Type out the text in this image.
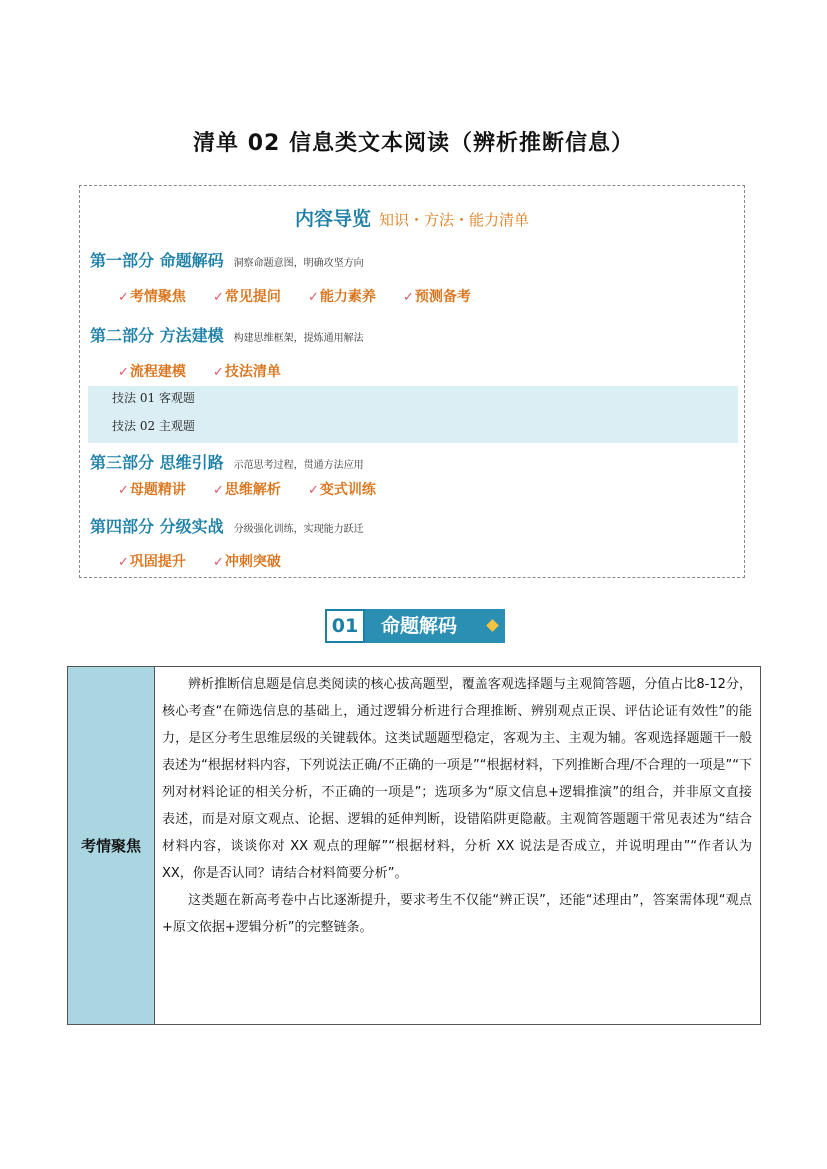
清单 02 信息类文本阅读（辨析推断信息）
内容导览 知识・方法・能力清单
第一部分 命题解码 洞察命题意图，明确攻坚方向
✓考情聚焦 ✓常见提问 ✓能力素养 ✓预测备考
第二部分 方法建模 构建思维框架，提炼通用解法
✓流程建模 ✓技法清单
技法 01 客观题
技法 02 主观题
第三部分 思维引路 示范思考过程，贯通方法应用
✓母题精讲 ✓思维解析 ✓变式训练
第四部分 分级实战 分级强化训练，实现能力跃迁
✓巩固提升 ✓冲刺突破
01	命题解码
考情聚焦

辨析推断信息题是信息类阅读的核心拔高题型，覆盖客观选择题与主观简答题，分值占比8-12分，核心考查“在筛选信息的基础上，通过逻辑分析进行合理推断、辨别观点正误、评估论证有效性”的能力，是区分考生思维层级的关键载体。这类试题题型稳定，客观为主、主观为辅。客观选择题题干一般表述为“根据材料内容，下列说法正确/不正确的一项是”“根据材料，下列推断合理/不合理的一项是”“下列对材料论证的相关分析，不正确的一项是”；选项多为“原文信息+逻辑推演”的组合，并非原文直接表述，而是对原文观点、论据、逻辑的延伸判断，设错陷阱更隐蔽。主观简答题题干常见表述为“结合材料内容，谈谈你对 XX 观点的理解”“根据材料，分析 XX 说法是否成立，并说明理由”“作者认为 XX，你是否认同？请结合材料简要分析”。

这类题在新高考卷中占比逐渐提升，要求考生不仅能“辨正误”，还能“述理由”，答案需体现“观点+原文依据+逻辑分析”的完整链条。
